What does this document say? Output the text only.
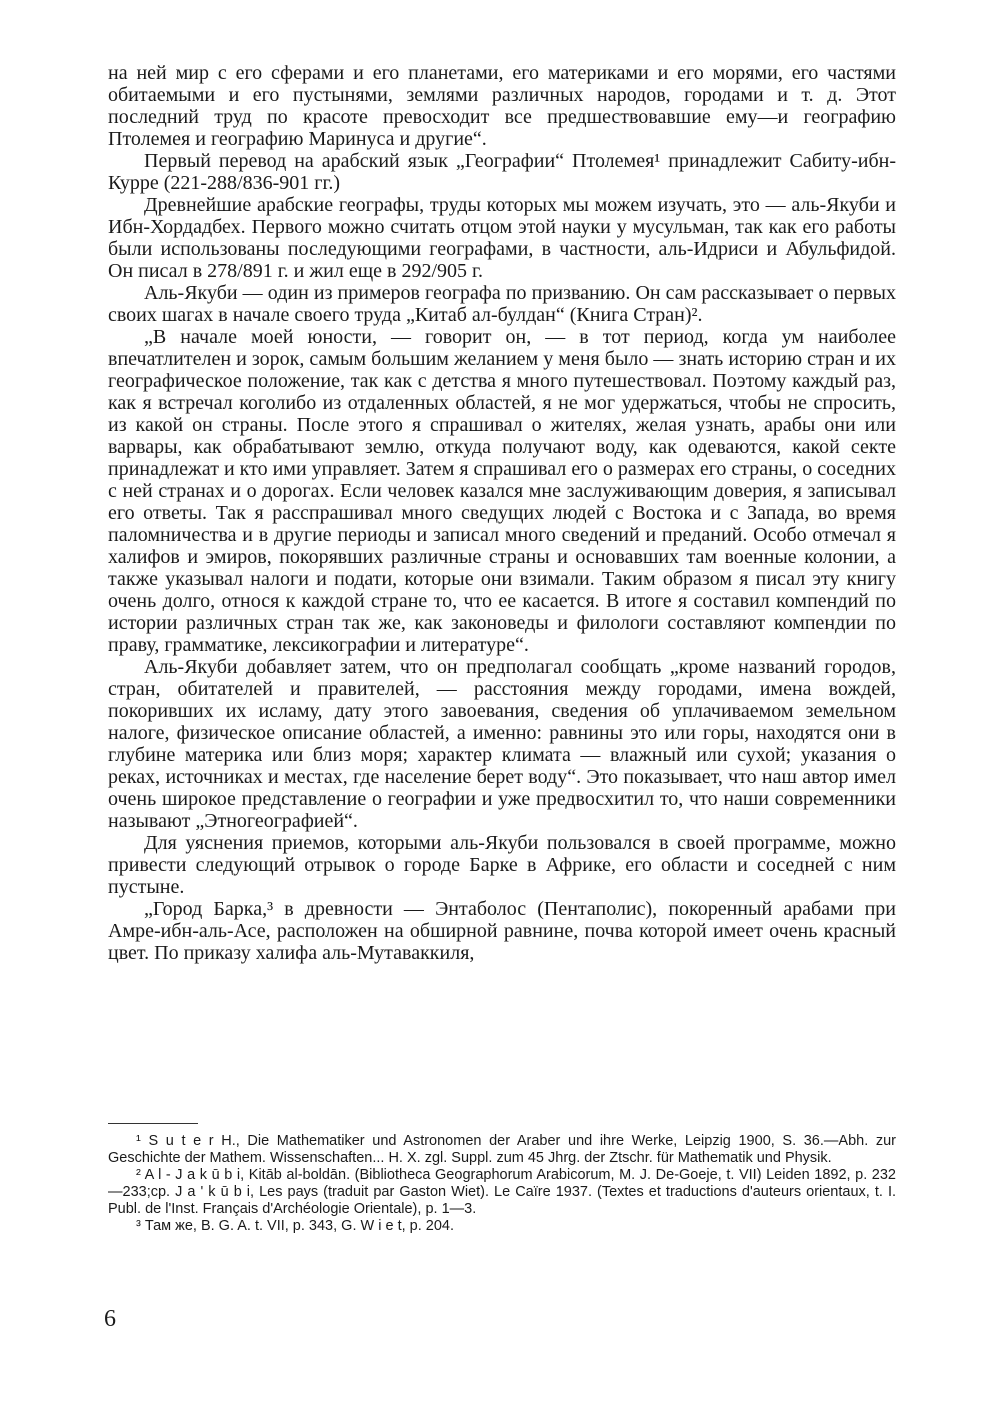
на ней мир с его сферами и его планетами, его материками и его морями, его частями обитаемыми и его пустынями, землями различных народов, городами и т. д. Этот последний труд по красоте превосходит все предшествовавшие ему—и географию Птолемея и географию Маринуса и другие“.

Первый перевод на арабский язык „Географии“ Птолемея¹ принадлежит Сабиту-ибн-Курре (221-288/836-901 гг.)

Древнейшие арабские географы, труды которых мы можем изучать, это — аль-Якуби и Ибн-Хордадбех. Первого можно считать отцом этой науки у мусульман, так как его работы были использованы последующими географами, в частности, аль-Идриси и Абульфидой. Он писал в 278/891 г. и жил еще в 292/905 г.

Аль-Якуби — один из примеров географа по призванию. Он сам рассказывает о первых своих шагах в начале своего труда „Китаб ал-булдан“ (Книга Стран)².

„В начале моей юности, — говорит он, — в тот период, когда ум наиболее впечатлителен и зорок, самым большим желанием у меня было — знать историю стран и их географическое положение, так как с детства я много путешествовал. Поэтому каждый раз, как я встречал коголибо из отдаленных областей, я не мог удержаться, чтобы не спросить, из какой он страны. После этого я спрашивал о жителях, желая узнать, арабы они или варвары, как обрабатывают землю, откуда получают воду, как одеваются, какой секте принадлежат и кто ими управляет. Затем я спрашивал его о размерах его страны, о соседних с ней странах и о дорогах. Если человек казался мне заслуживающим доверия, я записывал его ответы. Так я расспрашивал много сведущих людей с Востока и с Запада, во время паломничества и в другие периоды и записал много сведений и преданий. Особо отмечал я халифов и эмиров, покорявших различные страны и основавших там военные колонии, а также указывал налоги и подати, которые они взимали. Таким образом я писал эту книгу очень долго, относя к каждой стране то, что ее касается. В итоге я составил компендий по истории различных стран так же, как законоведы и филологи составляют компендии по праву, грамматике, лексикографии и литературе“.

Аль-Якуби добавляет затем, что он предполагал сообщать „кроме названий городов, стран, обитателей и правителей, — расстояния между городами, имена вождей, покоривших их исламу, дату этого завоевания, сведения об уплачиваемом земельном налоге, физическое описание областей, а именно: равнины это или горы, находятся они в глубине материка или близ моря; характер климата — влажный или сухой; указания о реках, источниках и местах, где население берет воду“. Это показывает, что наш автор имел очень широкое представление о географии и уже предвосхитил то, что наши современники называют „Этногеографией“.

Для уяснения приемов, которыми аль-Якуби пользовался в своей программе, можно привести следующий отрывок о городе Барке в Африке, его области и соседней с ним пустыне.

„Город Барка,³ в древности — Энтаболос (Пентаполис), покоренный арабами при Амре-ибн-аль-Асе, расположен на обширной равнине, почва которой имеет очень красный цвет. По приказу халифа аль-Мутаваккиля,

¹ S u t e r H., Die Mathematiker und Astronomen der Araber und ihre Werke, Leipzig 1900, S. 36.—Abh. zur Geschichte der Mathem. Wissenschaften... H. X. zgl. Suppl. zum 45 Jhrg. der Ztschr. für Mathematik und Physik.

² A l - J a k ū b i, Kitāb al-boldān. (Bibliotheca Geographorum Arabicorum, M. J. De-Goeje, t. VII) Leiden 1892, p. 232—233;cp. J a ' k ū b i, Les pays (traduit par Gaston Wiet). Le Caïre 1937. (Textes et traductions d'auteurs orientaux, t. I. Publ. de l'Inst. Français d'Archéologie Orientale), p. 1—3.

³ Там же, B. G. A. t. VII, p. 343, G. W i e t, p. 204.

6
